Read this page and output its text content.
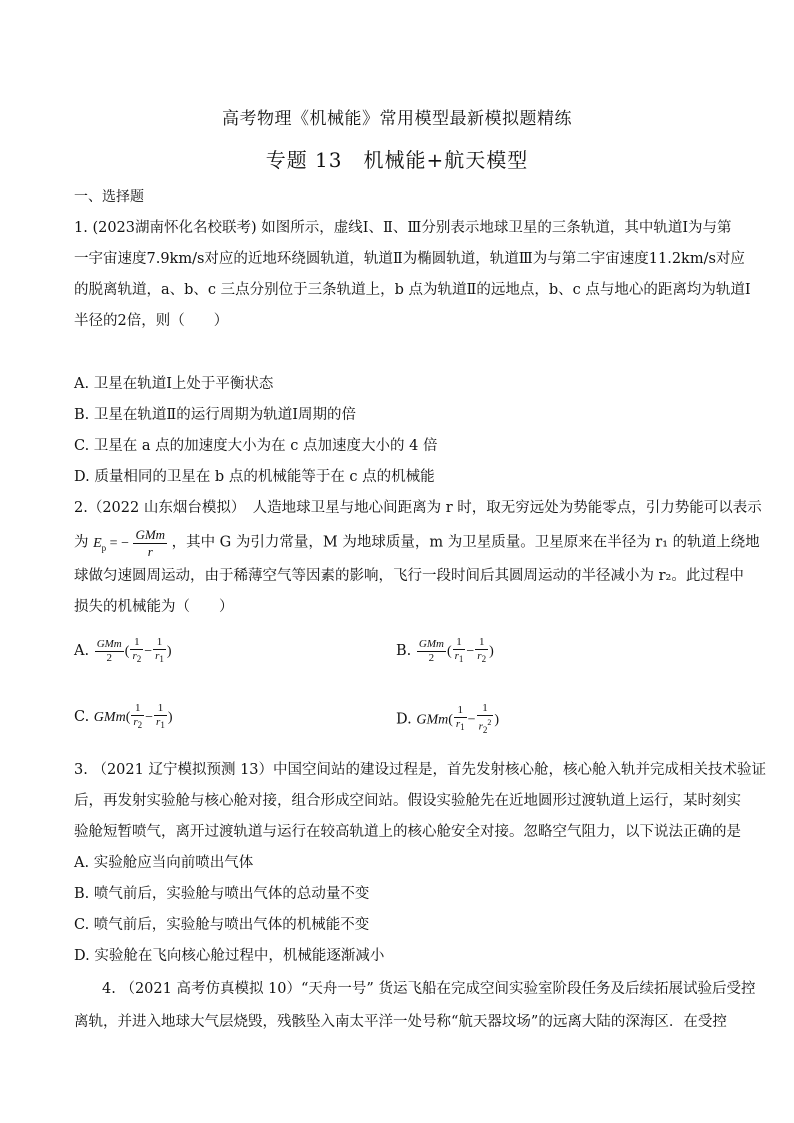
高考物理《机械能》常用模型最新模拟题精练
专题 13　机械能+航天模型
一、选择题
1. (2023湖南怀化名校联考) 如图所示，虚线Ⅰ、Ⅱ、Ⅲ分别表示地球卫星的三条轨道，其中轨道Ⅰ为与第
一宇宙速度7.9km/s对应的近地环绕圆轨道，轨道Ⅱ为椭圆轨道，轨道Ⅲ为与第二宇宙速度11.2km/s对应
的脱离轨道，a、b、c 三点分别位于三条轨道上，b 点为轨道Ⅱ的远地点，b、c 点与地心的距离均为轨道Ⅰ
半径的2倍，则（　　）
A. 卫星在轨道Ⅰ上处于平衡状态
B. 卫星在轨道Ⅱ的运行周期为轨道Ⅰ周期的倍
C. 卫星在 a 点的加速度大小为在 c 点加速度大小的 4 倍
D. 质量相同的卫星在 b 点的机械能等于在 c 点的机械能
2.（2022 山东烟台模拟）　人造地球卫星与地心间距离为 r 时，取无穷远处为势能零点，引力势能可以表示
为 $E_p$ = − $\frac{\text{GMm}}{r}$ ，其中 G 为引力常量，M 为地球质量，m 为卫星质量。卫星原来在半径为 r₁ 的轨道上绕地
球做匀速圆周运动，由于稀薄空气等因素的影响，飞行一段时间后其圆周运动的半径减小为 r₂。此过程中
损失的机械能为（　　）
A. $\frac{\text{GMm}}{2}$ ( $\frac{1}{r_2} - \frac{1}{r_1}$ )	B. $\frac{\text{GMm}}{2}$ ( $\frac{1}{r_1} - \frac{1}{r_2}$ )
C. $GMm( \frac{1}{r_2} - \frac{1}{r_1}$ )	D. $GMm( \frac{1}{r_1} - \frac{1}{r_2^2}$ )
3. （2021 辽宁模拟预测 13）中国空间站的建设过程是，首先发射核心舱，核心舱入轨并完成相关技术验证
后，再发射实验舱与核心舱对接，组合形成空间站。假设实验舱先在近地圆形过渡轨道上运行，某时刻实
验舱短暂喷气，离开过渡轨道与运行在较高轨道上的核心舱安全对接。忽略空气阻力，以下说法正确的是
A. 实验舱应当向前喷出气体
B. 喷气前后，实验舱与喷出气体的总动量不变
C. 喷气前后，实验舱与喷出气体的机械能不变
D. 实验舱在飞向核心舱过程中，机械能逐渐减小
4. （2021 高考仿真模拟 10）“天舟一号” 货运飞船在完成空间实验室阶段任务及后续拓展试验后受控
离轨，并进入地球大气层烧毁，残骸坠入南太平洋一处号称“航天器坟场”的远离大陆的深海区．在受控
